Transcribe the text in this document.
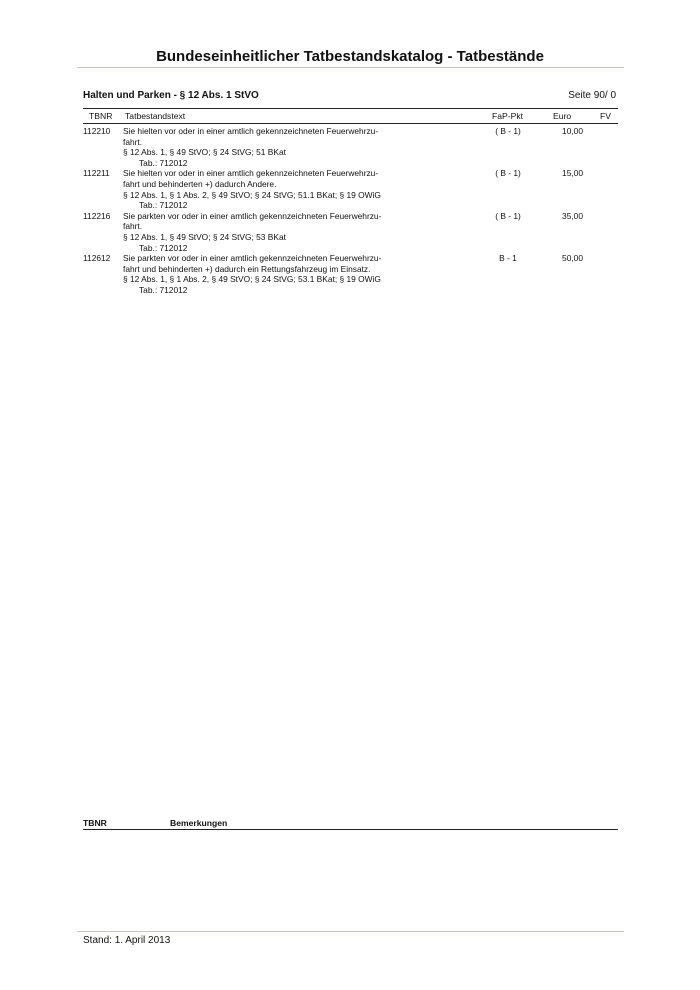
Bundeseinheitlicher Tatbestandskatalog - Tatbestände
Halten und Parken - § 12 Abs. 1 StVO	Seite 90/ 0
TBNR Tatbestandstext	FaP-Pkt	Euro	FV
112210 Sie hielten vor oder in einer amtlich gekennzeichneten Feuerwehrzu-
fahrt.
§ 12 Abs. 1, § 49 StVO; § 24 StVG; 51 BKat
Tab.: 712012
( B - 1)	10,00
112211 Sie hielten vor oder in einer amtlich gekennzeichneten Feuerwehrzu-
fahrt und behinderten +) dadurch Andere.
§ 12 Abs. 1, § 1 Abs. 2, § 49 StVO; § 24 StVG; 51.1 BKat; § 19 OWiG
Tab.: 712012
( B - 1)	15,00
112216 Sie parkten vor oder in einer amtlich gekennzeichneten Feuerwehrzu-
fahrt.
§ 12 Abs. 1, § 49 StVO; § 24 StVG; 53 BKat
Tab.: 712012
( B - 1)	35,00
112612 Sie parkten vor oder in einer amtlich gekennzeichneten Feuerwehrzu-
fahrt und behinderten +) dadurch ein Rettungsfahrzeug im Einsatz.
§ 12 Abs. 1, § 1 Abs. 2, § 49 StVO; § 24 StVG; 53.1 BKat; § 19 OWiG
Tab.: 712012
B - 1	50,00
TBNR	Bemerkungen
Stand: 1. April 2013
